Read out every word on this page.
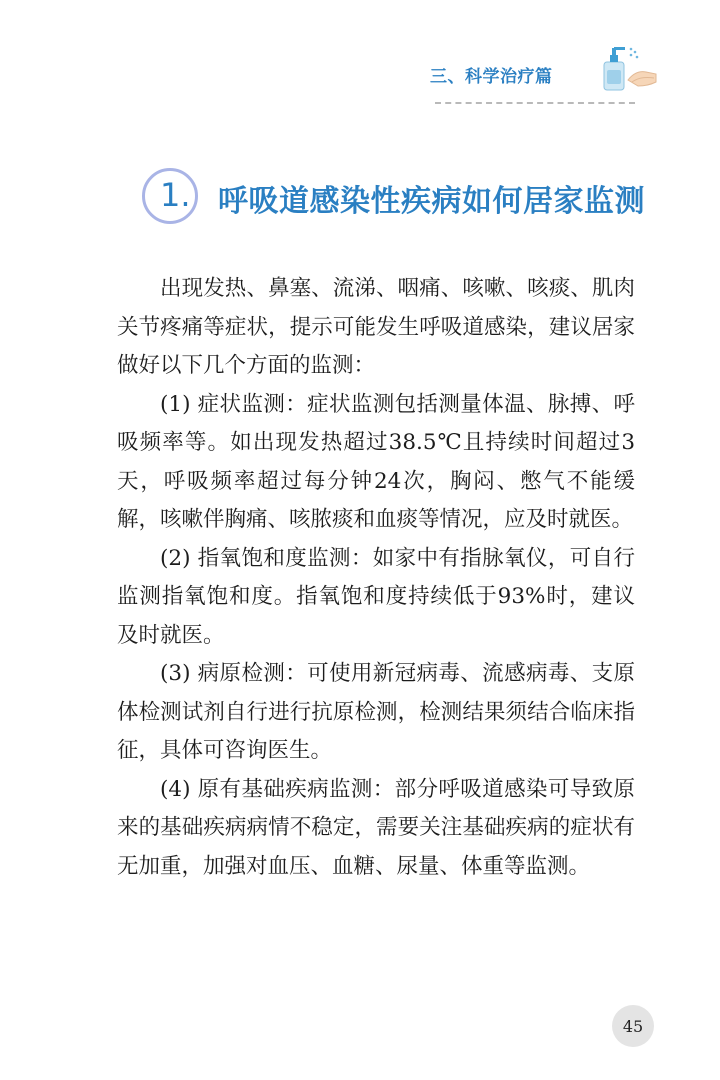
三、科学治疗篇
1. 呼吸道感染性疾病如何居家监测

出现发热、鼻塞、流涕、咽痛、咳嗽、咳痰、肌肉关节疼痛等症状，提示可能发生呼吸道感染，建议居家做好以下几个方面的监测：

(1) 症状监测：症状监测包括测量体温、脉搏、呼吸频率等。如出现发热超过38.5℃且持续时间超过3天，呼吸频率超过每分钟24次，胸闷、憋气不能缓解，咳嗽伴胸痛、咳脓痰和血痰等情况，应及时就医。

(2) 指氧饱和度监测：如家中有指脉氧仪，可自行监测指氧饱和度。指氧饱和度持续低于93%时，建议及时就医。

(3) 病原检测：可使用新冠病毒、流感病毒、支原体检测试剂自行进行抗原检测，检测结果须结合临床指征，具体可咨询医生。

(4) 原有基础疾病监测：部分呼吸道感染可导致原来的基础疾病病情不稳定，需要关注基础疾病的症状有无加重，加强对血压、血糖、尿量、体重等监测。

45
